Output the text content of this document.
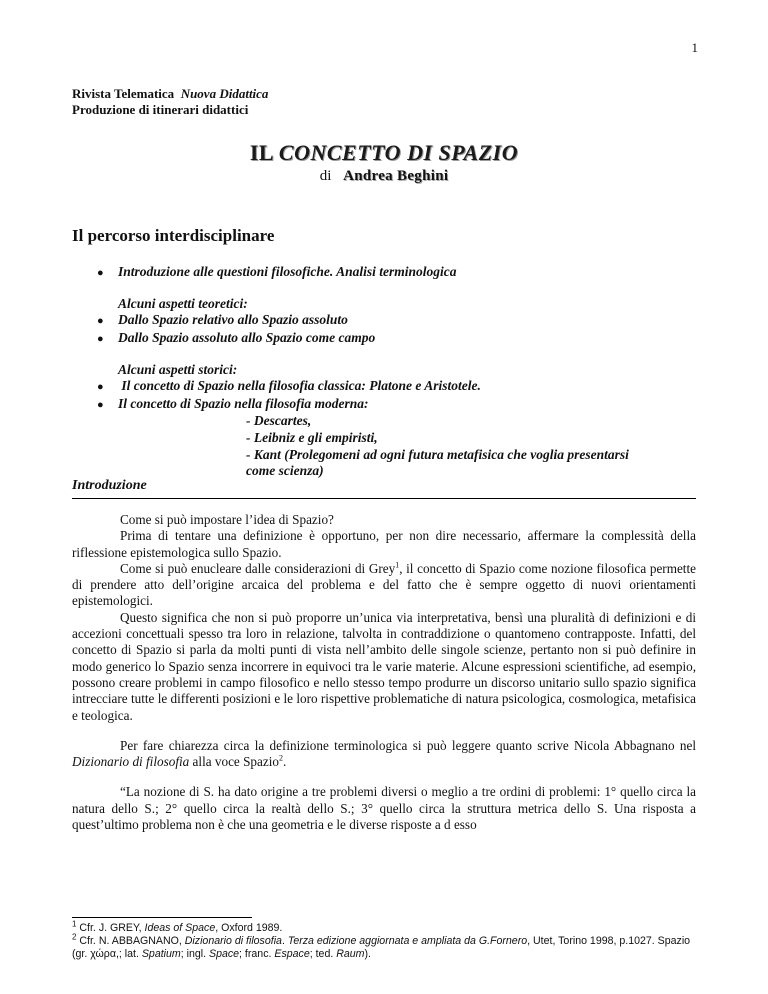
1
Rivista Telematica Nuova Didattica
Produzione di itinerari didattici
IL CONCETTO DI SPAZIO
di Andrea Beghini
Il percorso interdisciplinare
● Introduzione alle questioni filosofiche. Analisi terminologica
Alcuni aspetti teoretici:
● Dallo Spazio relativo allo Spazio assoluto
● Dallo Spazio assoluto allo Spazio come campo
Alcuni aspetti storici:
● Il concetto di Spazio nella filosofia classica: Platone e Aristotele.
● Il concetto di Spazio nella filosofia moderna:
- Descartes,
- Leibniz e gli empiristi,
- Kant (Prolegomeni ad ogni futura metafisica che voglia presentarsi
come scienza)
Introduzione

Come si può impostare l’idea di Spazio?

Prima di tentare una definizione è opportuno, per non dire necessario, affermare la complessità della riflessione epistemologica sullo Spazio.

Come si può enucleare dalle considerazioni di Grey$^1$, il concetto di Spazio come nozione filosofica permette di prendere atto dell’origine arcaica del problema e del fatto che è sempre oggetto di nuovi orientamenti epistemologici.

Questo significa che non si può proporre un’unica via interpretativa, bensì una pluralità di definizioni e di accezioni concettuali spesso tra loro in relazione, talvolta in contraddizione o quantomeno contrapposte. Infatti, del concetto di Spazio si parla da molti punti di vista nell’ambito delle singole scienze, pertanto non si può definire in modo generico lo Spazio senza incorrere in equivoci tra le varie materie. Alcune espressioni scientifiche, ad esempio, possono creare problemi in campo filosofico e nello stesso tempo produrre un discorso unitario sullo spazio significa intrecciare tutte le differenti posizioni e le loro rispettive problematiche di natura psicologica, cosmologica, metafisica e teologica.

Per fare chiarezza circa la definizione terminologica si può leggere quanto scrive Nicola Abbagnano nel Dizionario di filosofia alla voce Spazio$^2$.

“La nozione di S. ha dato origine a tre problemi diversi o meglio a tre ordini di problemi: 1° quello circa la natura dello S.; 2° quello circa la realtà dello S.; 3° quello circa la struttura metrica dello S. Una risposta a quest’ultimo problema non è che una geometria e le diverse risposte a d esso

$^1$ Cfr. J. GREY, Ideas of Space, Oxford 1989.
$^2$ Cfr. N. ABBAGNANO, Dizionario di filosofia. Terza edizione aggiornata e ampliata da G.Fornero, Utet, Torino 1998, p.1027. Spazio (gr. χώρα,; lat. Spatium; ingl. Space; franc. Espace; ted. Raum).
